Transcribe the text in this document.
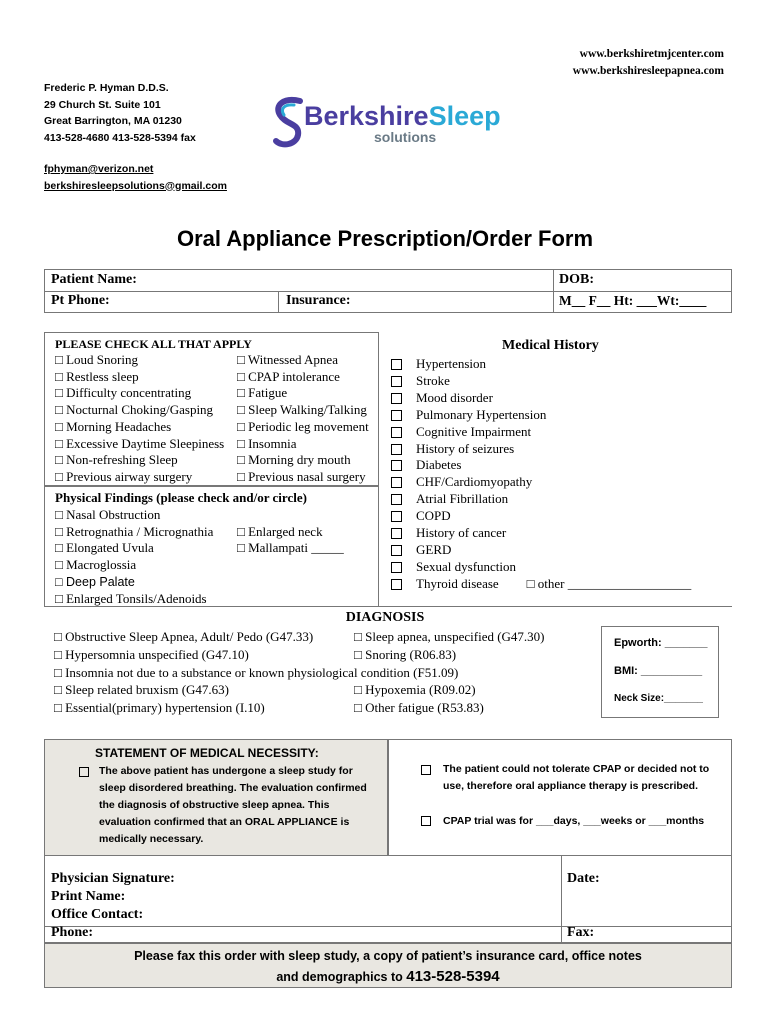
www.berkshiretmjcenter.com
www.berkshiresleepapnea.com
Frederic P. Hyman D.D.S.
29 Church St. Suite 101
Great Barrington, MA 01230
413-528-4680 413-528-5394 fax
fphyman@verizon.net
berkshiresleepsolutions@gmail.com
BerkshireSleep
solutions
Oral Appliance Prescription/Order Form
Patient Name:	DOB:
Pt Phone:	Insurance:	M__ F__ Ht: ___Wt:____
PLEASE CHECK ALL THAT APPLY
□ Loud Snoring	□ Witnessed Apnea
□ Restless sleep	□ CPAP intolerance
□ Difficulty concentrating	□ Fatigue
□ Nocturnal Choking/Gasping	□ Sleep Walking/Talking
□ Morning Headaches	□ Periodic leg movement
□ Excessive Daytime Sleepiness □ Insomnia
□ Non-refreshing Sleep	□ Morning dry mouth
□ Previous airway surgery	□ Previous nasal surgery
Physical Findings (please check and/or circle)
□ Nasal Obstruction
□ Retrognathia / Micrognathia	□ Enlarged neck
□ Elongated Uvula	□ Mallampati _____
□ Macroglossia
□ Deep Palate
□ Enlarged Tonsils/Adenoids
Medical History
Hypertension
Stroke
Mood disorder
Pulmonary Hypertension
Cognitive Impairment
History of seizures
Diabetes
CHF/Cardiomyopathy
Atrial Fibrillation
COPD
History of cancer
GERD
Sexual dysfunction
Thyroid disease □ other ___________________
DIAGNOSIS
□ Obstructive Sleep Apnea, Adult/ Pedo (G47.33)	□ Sleep apnea, unspecified (G47.30)
□ Hypersomnia unspecified (G47.10)	□ Snoring (R06.83)
□ Insomnia not due to a substance or known physiological condition (F51.09)
□ Sleep related bruxism (G47.63)	□ Hypoxemia (R09.02)
□ Essential(primary) hypertension (I.10)	□ Other fatigue (R53.83)
Epworth: _______
BMI: __________
Neck Size:_______
STATEMENT OF MEDICAL NECESSITY:
The above patient has undergone a sleep study for sleep disordered breathing. The evaluation confirmed the diagnosis of obstructive sleep apnea. This evaluation confirmed that an ORAL APPLIANCE is medically necessary.
The patient could not tolerate CPAP or decided not to use, therefore oral appliance therapy is prescribed.
CPAP trial was for ___days, ___weeks or ___months
Physician Signature:	Date:
Print Name:
Office Contact:
Phone:	Fax:
Please fax this order with sleep study, a copy of patient’s insurance card, office notes
and demographics to 413-528-5394
